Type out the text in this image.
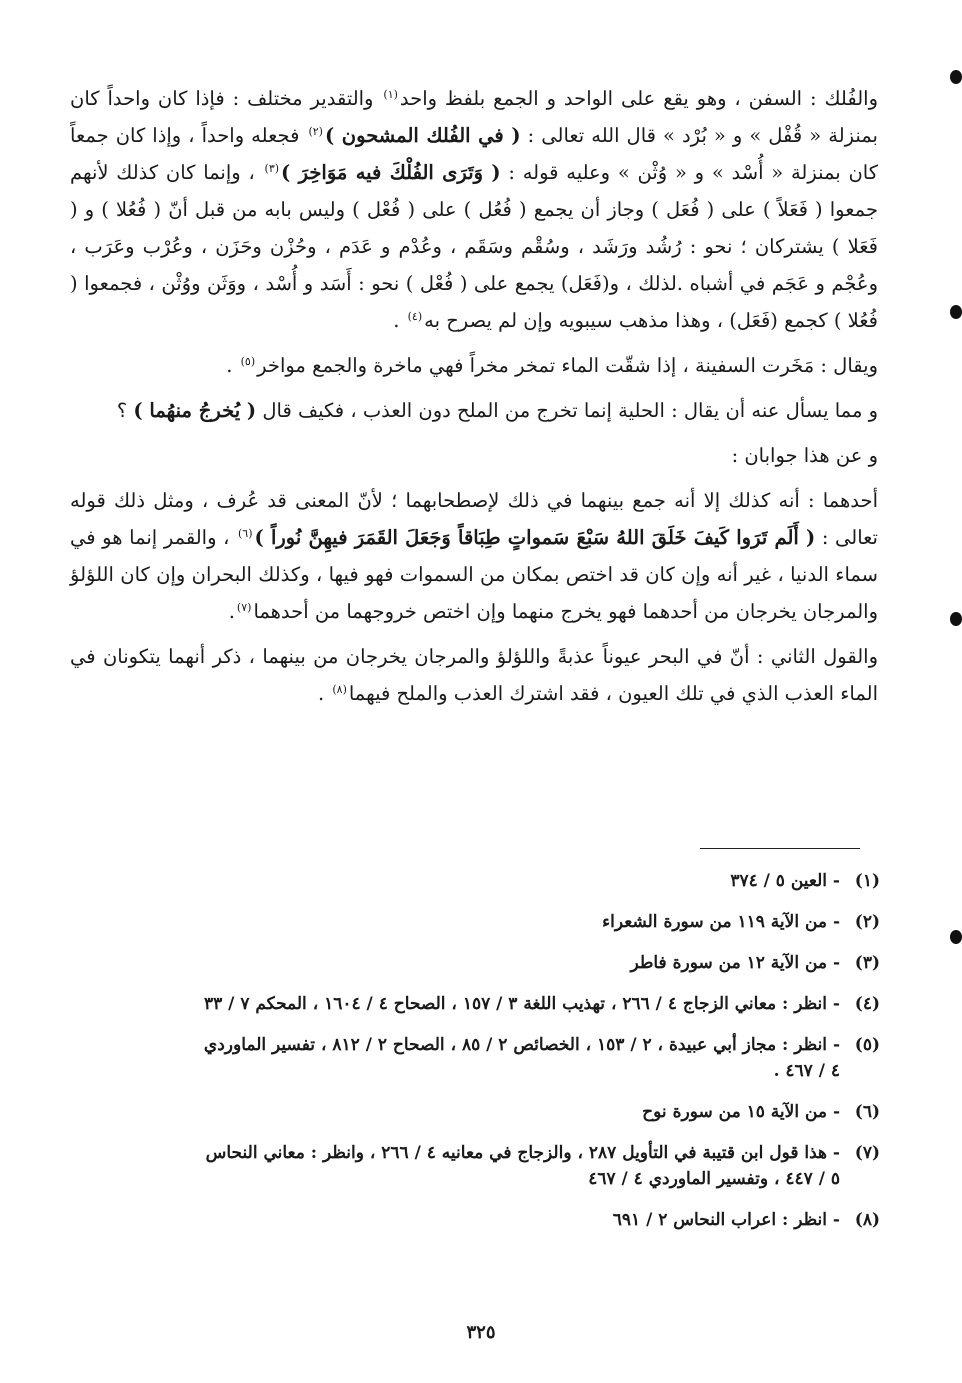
والفُلك : السفن ، وهو يقع على الواحد و الجمع بلفظ واحد$^{(١)}$ والتقدير مختلف : فإذا كان واحداً كان بمنزلة « قُفْل » و « بُرْد » قال الله تعالى : ( في الفُلك المشحون )$^{(٢)}$ فجعله واحداً ، وإذا كان جمعاً كان بمنزلة « أُسْد » و « وُثْن » وعليه قوله : ( وَتَرَى الفُلْكَ فيه مَوَاخِرَ )$^{(٣)}$ ، وإنما كان كذلك لأنهم جمعوا ( فَعَلاً ) على ( فُعَل ) وجاز أن يجمع ( فُعُل ) على ( فُعْل ) وليس بابه من قبل أنّ ( فُعُلا ) و ( فَعَلا ) يشتركان ؛ نحو : رُشُد ورَشَد ، وسُقْم وسَقَم ، وعُدْم و عَدَم ، وحُزْن وحَزَن ، وعُرْب وعَرَب ، وعُجْم و عَجَم في أشباه .لذلك ، و(فَعَل) يجمع على ( فُعْل ) نحو : أَسَد و أُسْد ، ووَثَن ووُثْن ، فجمعوا ( فُعُلا ) كجمع (فَعَل) ، وهذا مذهب سيبويه وإن لم يصرح به$^{(٤)}$ .

ويقال : مَخَرت السفينة ، إذا شقّت الماء تمخر مخراً فهي ماخرة والجمع مواخر$^{(٥)}$ .

و مما يسأل عنه أن يقال : الحلية إنما تخرج من الملح دون العذب ، فكيف قال ( يُخرجُ منهُما ) ؟

و عن هذا جوابان :

أحدهما : أنه كذلك إلا أنه جمع بينهما في ذلك لإصطحابهما ؛ لأنّ المعنى قد عُرف ، ومثل ذلك قوله تعالى : ( أَلَم تَرَوا كَيفَ خَلَقَ اللهُ سَبْعَ سَمواتٍ طِبَاقاً وَجَعَلَ القَمَرَ فيهِنَّ نُوراً )$^{(٦)}$ ، والقمر إنما هو في سماء الدنيا ، غير أنه وإن كان قد اختص بمكان من السموات فهو فيها ، وكذلك البحران وإن كان اللؤلؤ والمرجان يخرجان من أحدهما فهو يخرج منهما وإن اختص خروجهما من أحدهما$^{(٧)}$.

والقول الثاني : أنّ في البحر عيوناً عذبةً واللؤلؤ والمرجان يخرجان من بينهما ، ذكر أنهما يتكونان في الماء العذب الذي في تلك العيون ، فقد اشترك العذب والملح فيهما$^{(٨)}$ .

(١)- العين ٥ / ٣٧٤
(٢)- من الآية ١١٩ من سورة الشعراء
(٣)- من الآية ١٢ من سورة فاطر
(٤)- انظر : معاني الزجاج ٤ / ٢٦٦ ، تهذيب اللغة ٣ / ١٥٧ ، الصحاح ٤ / ١٦٠٤ ، المحكم ٧ / ٣٣
(٥)- انظر : مجاز أبي عبيدة ، ٢ / ١٥٣ ، الخصائص ٢ / ٨٥ ، الصحاح ٢ / ٨١٢ ، تفسير الماوردي
٤ / ٤٦٧ .
(٦)- من الآية ١٥ من سورة نوح
(٧)- هذا قول ابن قتيبة في التأويل ٢٨٧ ، والزجاج في معانيه ٤ / ٢٦٦ ، وانظر : معاني النحاس
٥ / ٤٤٧ ، وتفسير الماوردي ٤ / ٤٦٧
(٨)- انظر : اعراب النحاس ٢ / ٦٩١
٣٢٥
